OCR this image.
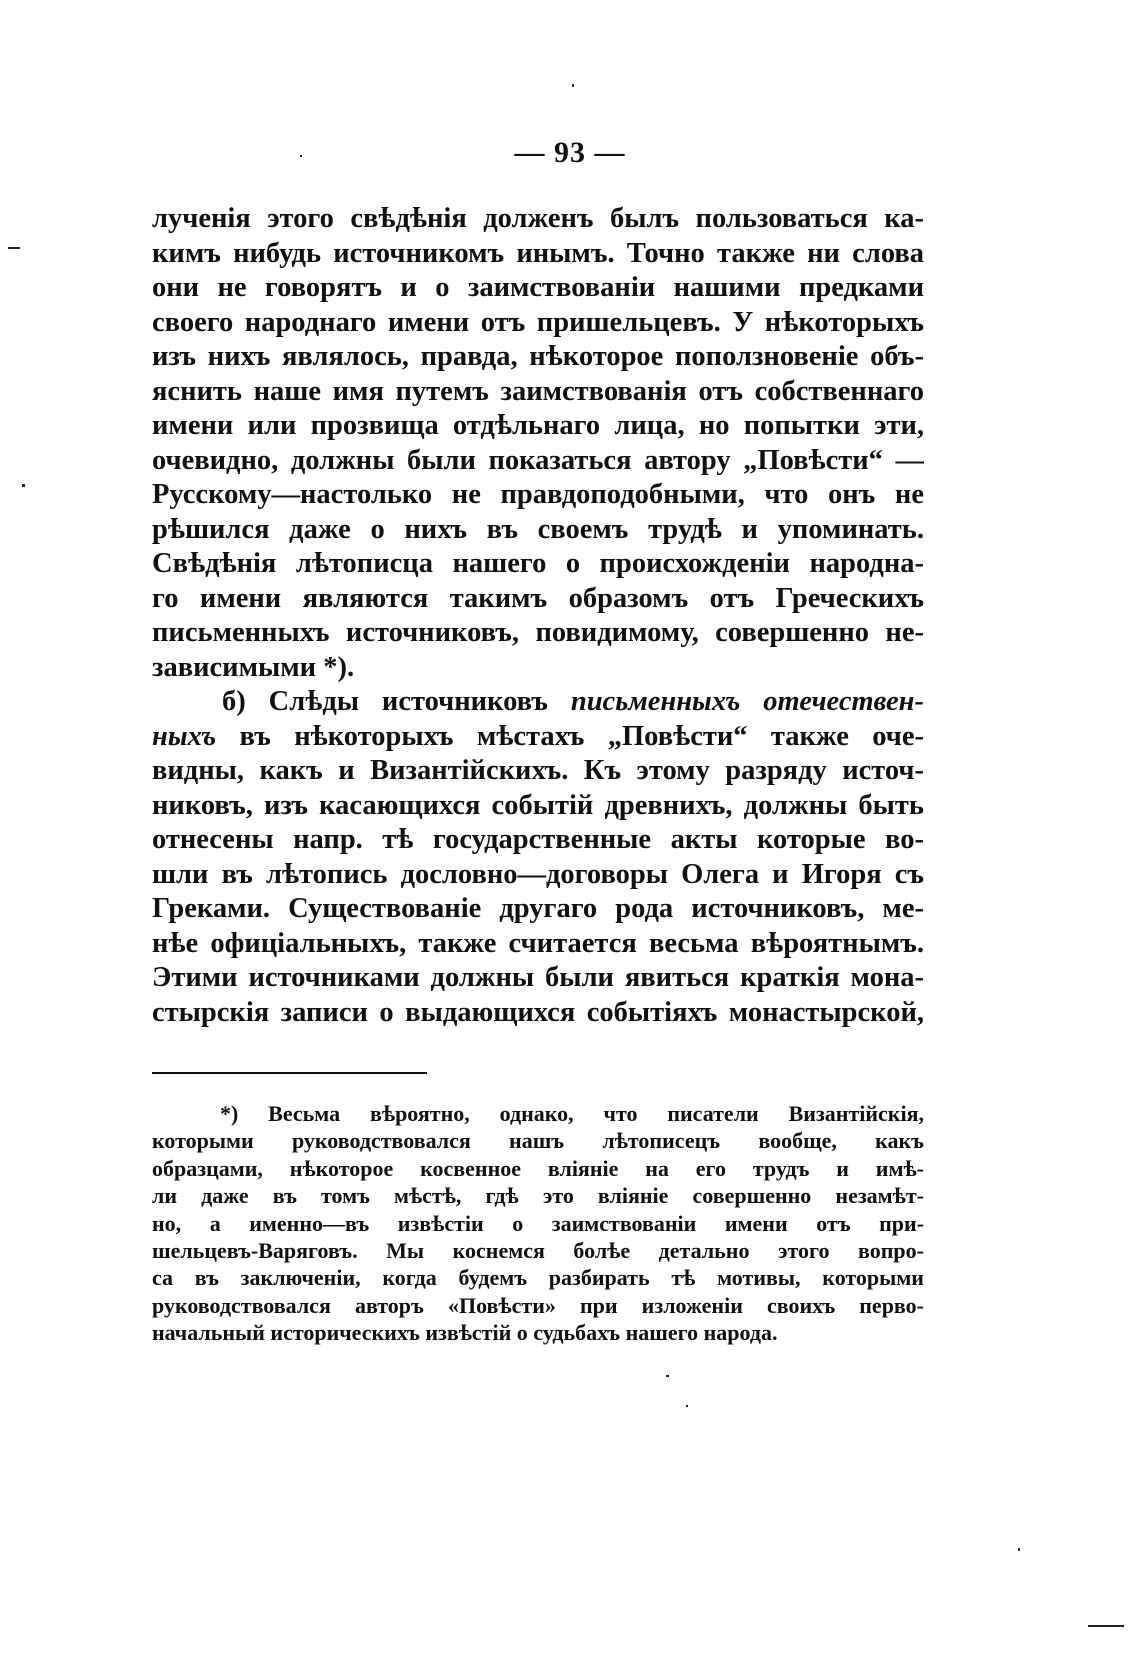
— 93 —
лученія этого свѣдѣнія долженъ былъ пользоваться ка-
кимъ нибудь источникомъ инымъ. Точно также ни слова
они не говорятъ и о заимствованіи нашими предками
своего народнаго имени отъ пришельцевъ. У нѣкоторыхъ
изъ нихъ являлось, правда, нѣкоторое поползновеніе объ-
яснить наше имя путемъ заимствованія отъ собственнаго
имени или прозвища отдѣльнаго лица, но попытки эти,
очевидно, должны были показаться автору „Повѣсти“ —
Русскому—настолько не правдоподобными, что онъ не
рѣшился даже о нихъ въ своемъ трудѣ и упоминать.
Свѣдѣнія лѣтописца нашего о происхожденіи народна-
го имени являются такимъ образомъ отъ Греческихъ
письменныхъ источниковъ, повидимому, совершенно не-
зависимыми *).
б) Слѣды источниковъ письменныхъ отечествен-
ныхъ въ нѣкоторыхъ мѣстахъ „Повѣсти“ также оче-
видны, какъ и Византійскихъ. Къ этому разряду источ-
никовъ, изъ касающихся событій древнихъ, должны быть
отнесены напр. тѣ государственные акты которые во-
шли въ лѣтопись дословно—договоры Олега и Игоря съ
Греками. Существованіе другаго рода источниковъ, ме-
нѣе офиціальныхъ, также считается весьма вѣроятнымъ.
Этими источниками должны были явиться краткія мона-
стырскія записи о выдающихся событіяхъ монастырской,
*) Весьма вѣроятно, однако, что писатели Византійскія,
которыми руководствовался нашъ лѣтописецъ вообще, какъ
образцами, нѣкоторое косвенное вліяніе на его трудъ и имѣ-
ли даже въ томъ мѣстѣ, гдѣ это вліяніе совершенно незамѣт-
но, а именно—въ извѣстіи о заимствованіи имени отъ при-
шельцевъ-Варяговъ. Мы коснемся болѣе детально этого вопро-
са въ заключеніи, когда будемъ разбирать тѣ мотивы, которыми
руководствовался авторъ «Повѣсти» при изложеніи своихъ перво-
начальный историческихъ извѣстій о судьбахъ нашего народа.
